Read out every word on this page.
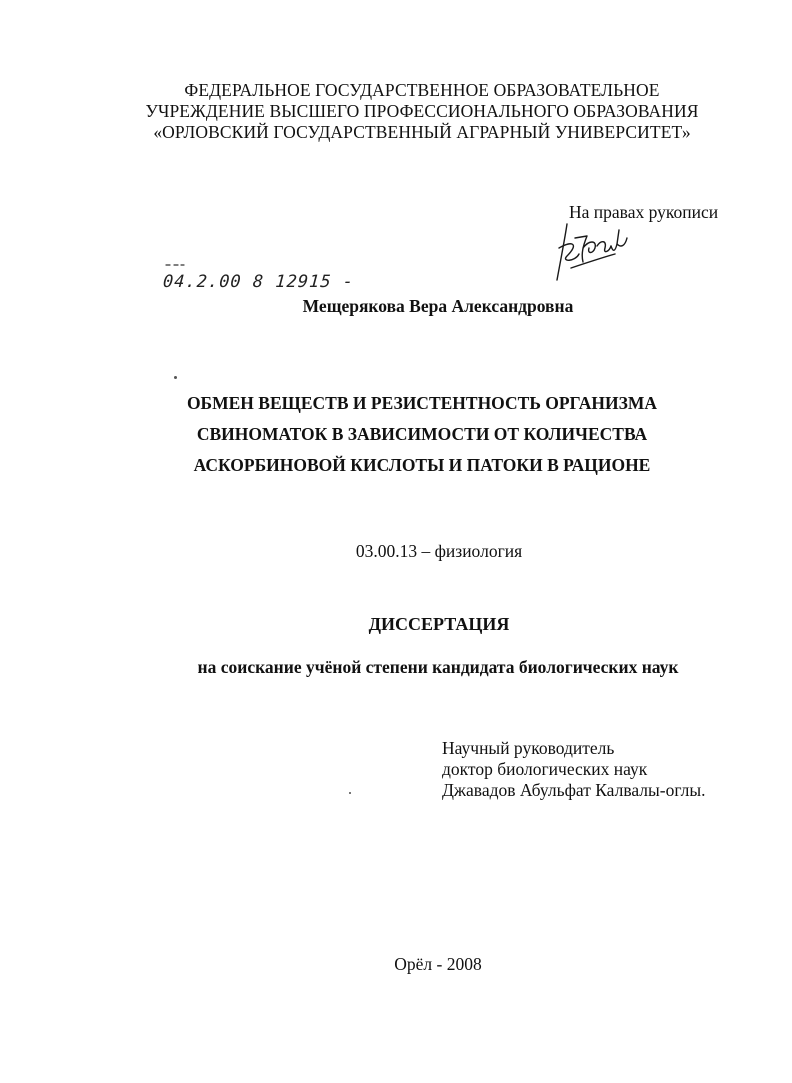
ФЕДЕРАЛЬНОЕ ГОСУДАРСТВЕННОЕ ОБРАЗОВАТЕЛЬНОЕ
УЧРЕЖДЕНИЕ ВЫСШЕГО ПРОФЕССИОНАЛЬНОГО ОБРАЗОВАНИЯ
«ОРЛОВСКИЙ ГОСУДАРСТВЕННЫЙ АГРАРНЫЙ УНИВЕРСИТЕТ»
На правах рукописи
04.2.00 8 12915 -
Мещерякова Вера Александровна
ОБМЕН ВЕЩЕСТВ И РЕЗИСТЕНТНОСТЬ ОРГАНИЗМА
СВИНОМАТОК В ЗАВИСИМОСТИ ОТ КОЛИЧЕСТВА
АСКОРБИНОВОЙ КИСЛОТЫ И ПАТОКИ В РАЦИОНЕ
03.00.13 – физиология
ДИССЕРТАЦИЯ
на соискание учёной степени кандидата биологических наук
Научный руководитель
доктор биологических наук
Джавадов Абульфат Калвалы-оглы.
Орёл - 2008
